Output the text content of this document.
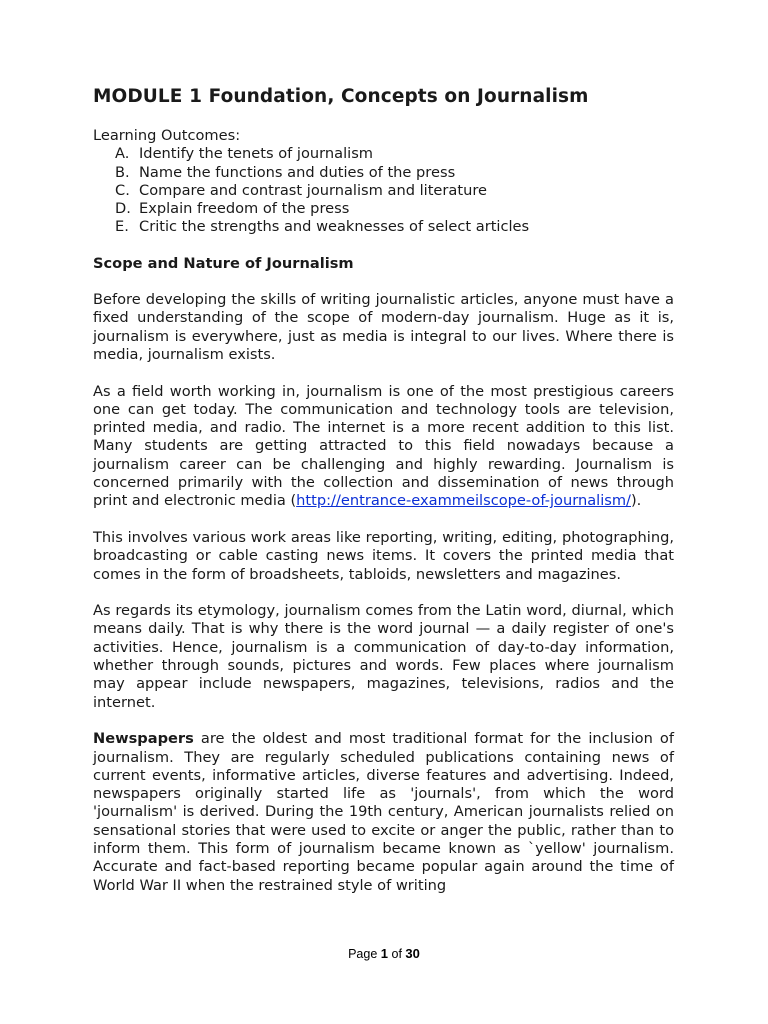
MODULE 1 Foundation, Concepts on Journalism

Learning Outcomes:

A. Identify the tenets of journalism
B. Name the functions and duties of the press
C. Compare and contrast journalism and literature
D. Explain freedom of the press
E. Critic the strengths and weaknesses of select articles

Scope and Nature of Journalism

Before developing the skills of writing journalistic articles, anyone must have a fixed understanding of the scope of modern-day journalism. Huge as it is, journalism is everywhere, just as media is integral to our lives. Where there is media, journalism exists.

As a field worth working in, journalism is one of the most prestigious careers one can get today. The communication and technology tools are television, printed media, and radio. The internet is a more recent addition to this list. Many students are getting attracted to this field nowadays because a journalism career can be challenging and highly rewarding. Journalism is concerned primarily with the collection and dissemination of news through print and electronic media (http://entrance-exammeilscope-of-journalism/).

This involves various work areas like reporting, writing, editing, photographing, broadcasting or cable casting news items. It covers the printed media that comes in the form of broadsheets, tabloids, newsletters and magazines.

As regards its etymology, journalism comes from the Latin word, diurnal, which means daily. That is why there is the word journal — a daily register of one's activities. Hence, journalism is a communication of day-to-day information, whether through sounds, pictures and words. Few places where journalism may appear include newspapers, magazines, televisions, radios and the internet.

Newspapers are the oldest and most traditional format for the inclusion of journalism. They are regularly scheduled publications containing news of current events, informative articles, diverse features and advertising. Indeed, newspapers originally started life as 'journals', from which the word 'journalism' is derived. During the 19th century, American journalists relied on sensational stories that were used to excite or anger the public, rather than to inform them. This form of journalism became known as `yellow' journalism. Accurate and fact-based reporting became popular again around the time of World War II when the restrained style of writing

Page 1 of 30
